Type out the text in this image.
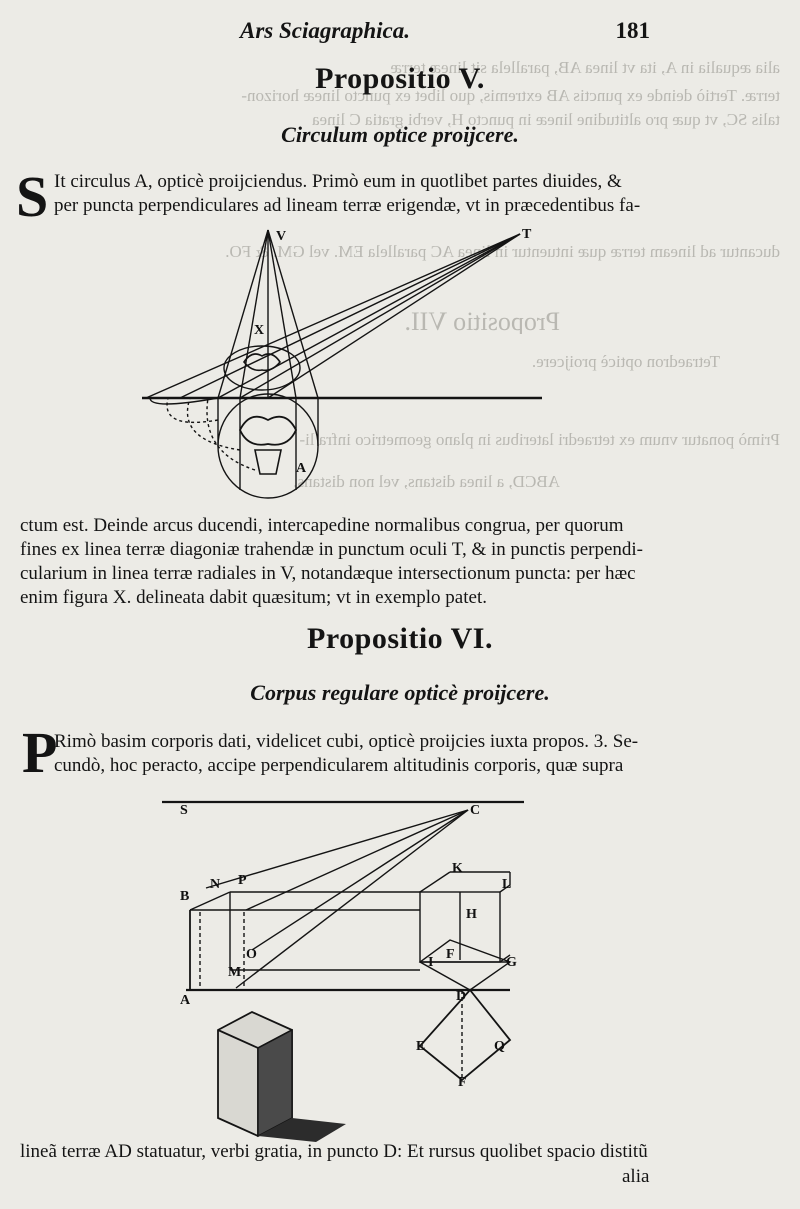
alia æqualia in A, ita vt linea AB, parallela sit lineæ terræ
terræ. Tertiò deinde ex punctis AB extremis, quo libet ex puncto lineæ horizon-
talis SC, vt quæ pro altitudine lineæ in puncto H, verbi gratia C linea
ducantur ad lineam terræ quæ intuentur in linea AC parallela EM. vel GM. & FO.
Propositio VII.
Tetraedron opticè proijcere.
Primò ponatur vnum ex tetraedri lateribus in plano geometrico infra li-
ABCD, a linea distans, vel non distans.
Ars Sciagraphica.	181
Propositio V.
Circulum optice proijcere.
S It circulus A, opticè proijciendus. Primò eum in quotlibet partes diuides, &
per puncta perpendiculares ad lineam terræ erigendæ, vt in præcedentibus fa-
V	T
X
A
ctum est. Deinde arcus ducendi, intercapedine normalibus congrua, per quorum
fines ex linea terræ diagoniæ trahendæ in punctum oculi T, & in punctis perpendi-
cularium in linea terræ radiales in V, notandæque intersectionum puncta: per hæc
enim figura X. delineata dabit quæsitum; vt in exemplo patet.
Propositio VI.
Corpus regulare opticè proijcere.
P
Rimò basim corporis dati, videlicet cubi, opticè proijcies iuxta propos. 3. Se-
cundò, hoc peracto, accipe perpendicularem altitudinis corporis, quæ supra
S	C
B
N P
K
L
H
O	F
I	G
M
E
A	D
Q
F
lineã terræ AD statuatur, verbi gratia, in puncto D: Et rursus quolibet spacio distitũ
alia
